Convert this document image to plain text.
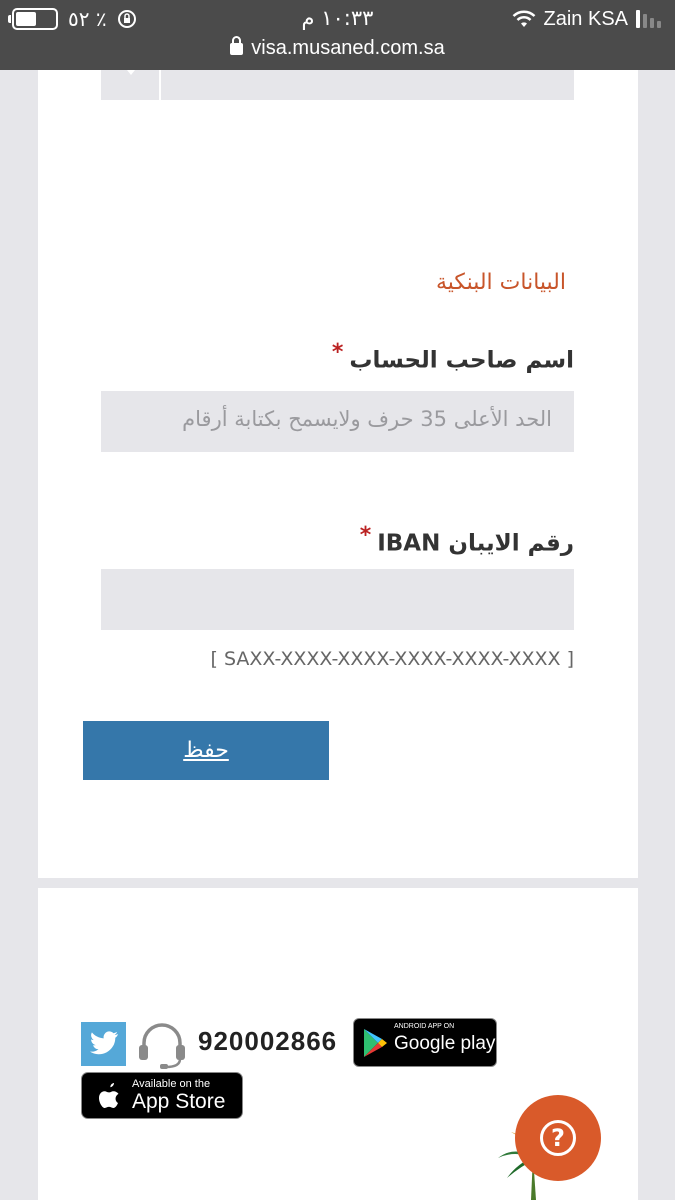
٥٢ ٪	١٠:٣٣ م	Zain KSA
visa.musaned.com.sa
البيانات البنكية
اسم صاحب الحساب*
الحد الأعلى 35 حرف ولايسمح بكتابة أرقام
رقم الايبان IBAN*
[ SAXX-XXXX-XXXX-XXXX-XXXX-XXXX ]
حفظ
920002866	ANDROID APP ON
Google play
Available on the
App Store
?
